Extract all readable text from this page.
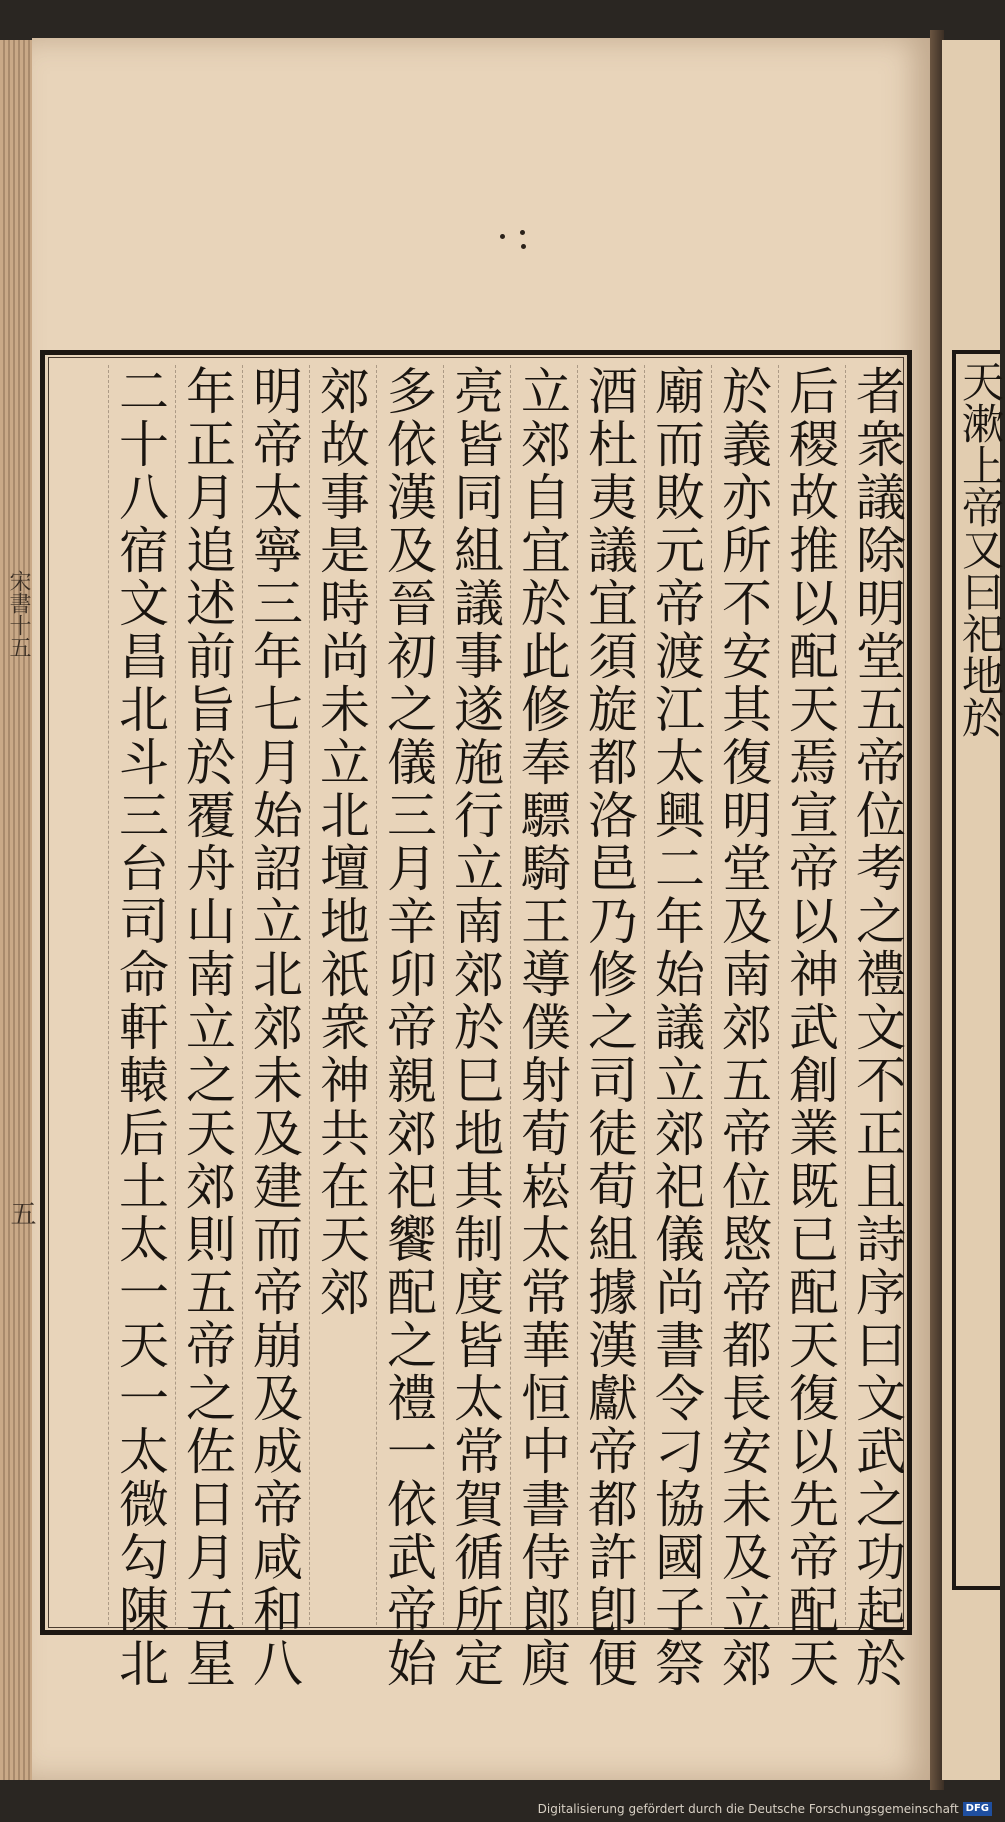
者衆議除明堂五帝位考之禮文不正且詩序曰文武之功起於
后稷故推以配天焉宣帝以神武創業既已配天復以先帝配天
於義亦所不安其復明堂及南郊五帝位愍帝都長安未及立郊
廟而敗元帝渡江太興二年始議立郊祀儀尚書令刁協國子祭
酒杜夷議宜須旋都洛邑乃修之司徒荀組據漢獻帝都許卽便
立郊自宜於此修奉驃騎王導僕射荀崧太常華恒中書侍郎庾
亮皆同組議事遂施行立南郊於巳地其制度皆太常賀循所定
多依漢及晉初之儀三月辛卯帝親郊祀饗配之禮一依武帝始
郊故事是時尚未立北壇地祇衆神共在天郊
明帝太寧三年七月始詔立北郊未及建而帝崩及成帝咸和八
年正月追述前旨於覆舟山南立之天郊則五帝之佐日月五星
二十八宿文昌北斗三台司命軒轅后土太一天一太微勾陳北
宋書十五
五
天漱上帝又曰祀地於
Digitalisierung gefördert durch die Deutsche Forschungsgemeinschaft DFG
